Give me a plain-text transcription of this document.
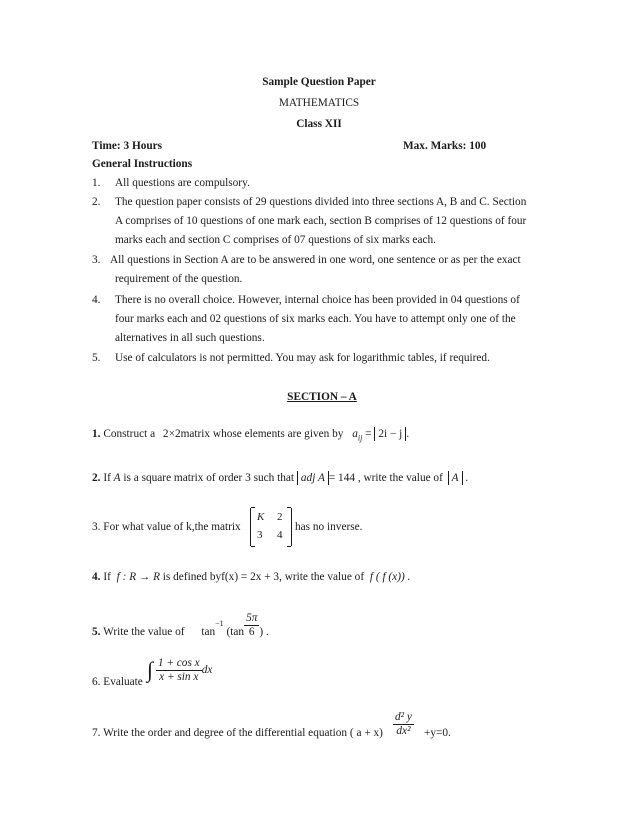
Sample Question Paper
MATHEMATICS
Class XII
Time: 3 Hours	Max. Marks: 100
General Instructions
1. All questions are compulsory.
2. The question paper consists of 29 questions divided into three sections A, B and C. Section
A comprises of 10 questions of one mark each, section B comprises of 12 questions of four
marks each and section C comprises of 07 questions of six marks each.
3. All questions in Section A are to be answered in one word, one sentence or as per the exact
requirement of the question.
4. There is no overall choice. However, internal choice has been provided in 04 questions of
four marks each and 02 questions of six marks each. You have to attempt only one of the
alternatives in all such questions.
5. Use of calculators is not permitted. You may ask for logarithmic tables, if required.
SECTION – A
1. Construct a 2×2matrix whose elements are given by $a_{ij} = 2i - j$ .
2. If A is a square matrix of order 3 such that adj A = 144 , write the value of A .
3. For what value of k,the matrix
K 2
3 4
has no inverse.
4. If f : R → R is defined byf(x) = 2x + 3, write the value of f ( f (x)) .
5. Write the value of $\tan^{-1} (\tan \frac{5\pi}{6}$ ) .
6. Evaluate ∫ $\frac{\text{1 + cos x}}{\text{x + sin x}}$ dx
7. Write the order and degree of the differential equation ( $a + x) \frac{\text{d² y}}{\text{dx²}} +y=0$.
